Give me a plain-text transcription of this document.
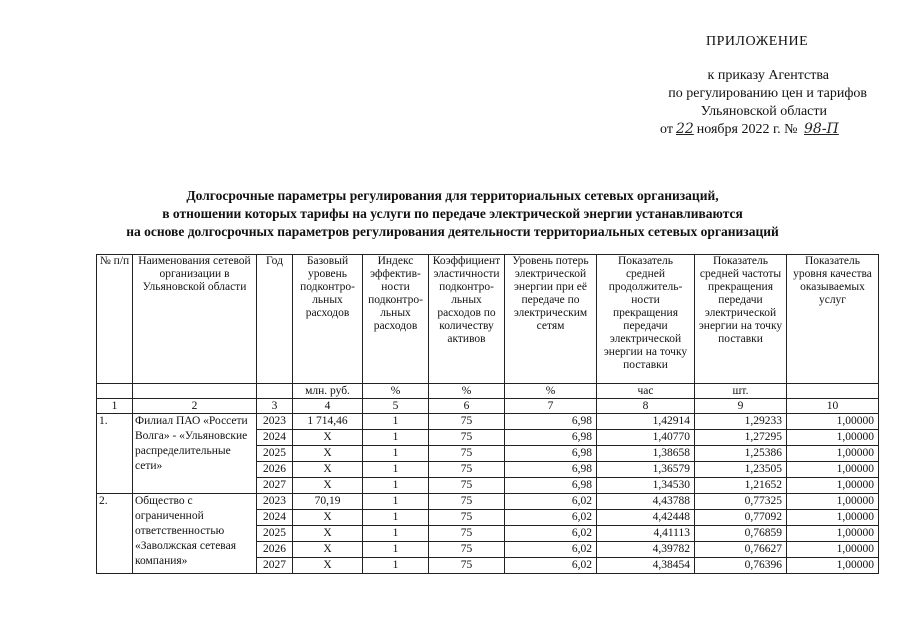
ПРИЛОЖЕНИЕ
к приказу Агентства
по регулированию цен и тарифов
Ульяновской области
от 22 ноября 2022 г. № 98-П
Долгосрочные параметры регулирования для территориальных сетевых организаций,
в отношении которых тарифы на услуги по передаче электрической энергии устанавливаются
на основе долгосрочных параметров регулирования деятельности территориальных сетевых организаций
№ п/п	Наименования сетевой организации в Ульяновской области	Год	Базовый уровень подконтро-льных расходов	Индекс эффектив-ности подконтро-льных расходов	Коэффициент эластичности подконтро-льных расходов по количеству активов	Уровень потерь электрической энергии при её передаче по электрическим сетям	Показатель средней продолжитель-ности прекращения передачи электрической энергии на точку поставки	Показатель средней частоты прекращения передачи электрической энергии на точку поставки	Показатель уровня качества оказываемых услуг
			млн. руб.	%	%	%	час	шт.	
1	2	3	4	5	6	7	8	9	10
1.	Филиал ПАО «Россети Волга» - «Ульяновские распределительные сети»	2023	1 714,46	1	75	6,98	1,42914	1,29233	1,00000
		2024	X	1	75	6,98	1,40770	1,27295	1,00000
		2025	X	1	75	6,98	1,38658	1,25386	1,00000
		2026	X	1	75	6,98	1,36579	1,23505	1,00000
		2027	X	1	75	6,98	1,34530	1,21652	1,00000
2.	Общество с ограниченной ответственностью «Заволжская сетевая компания»	2023	70,19	1	75	6,02	4,43788	0,77325	1,00000
		2024	X	1	75	6,02	4,42448	0,77092	1,00000
		2025	X	1	75	6,02	4,41113	0,76859	1,00000
		2026	X	1	75	6,02	4,39782	0,76627	1,00000
		2027	X	1	75	6,02	4,38454	0,76396	1,00000
